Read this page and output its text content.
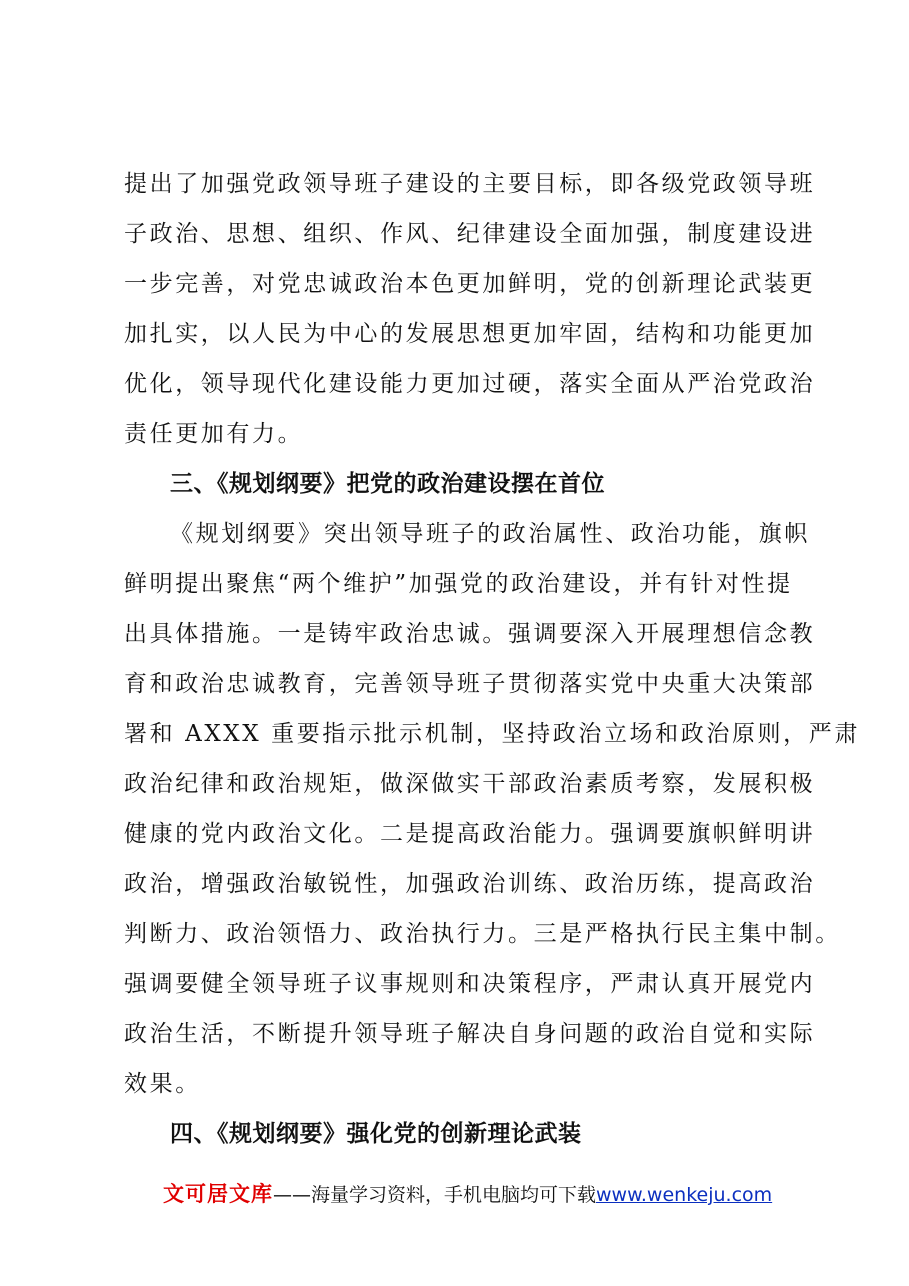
提出了加强党政领导班子建设的主要目标，即各级党政领导班
子政治、思想、组织、作风、纪律建设全面加强，制度建设进
一步完善，对党忠诚政治本色更加鲜明，党的创新理论武装更
加扎实，以人民为中心的发展思想更加牢固，结构和功能更加
优化，领导现代化建设能力更加过硬，落实全面从严治党政治
责任更加有力。
三、《规划纲要》把党的政治建设摆在首位
《规划纲要》突出领导班子的政治属性、政治功能，旗帜
鲜明提出聚焦“两个维护”加强党的政治建设，并有针对性提
出具体措施。一是铸牢政治忠诚。强调要深入开展理想信念教
育和政治忠诚教育，完善领导班子贯彻落实党中央重大决策部
署和 AXXX 重要指示批示机制，坚持政治立场和政治原则，严肃
政治纪律和政治规矩，做深做实干部政治素质考察，发展积极
健康的党内政治文化。二是提高政治能力。强调要旗帜鲜明讲
政治，增强政治敏锐性，加强政治训练、政治历练，提高政治
判断力、政治领悟力、政治执行力。三是严格执行民主集中制。
强调要健全领导班子议事规则和决策程序，严肃认真开展党内
政治生活，不断提升领导班子解决自身问题的政治自觉和实际
效果。
四、《规划纲要》强化党的创新理论武装
文可居文库——海量学习资料，手机电脑均可下载www.wenkeju.com
